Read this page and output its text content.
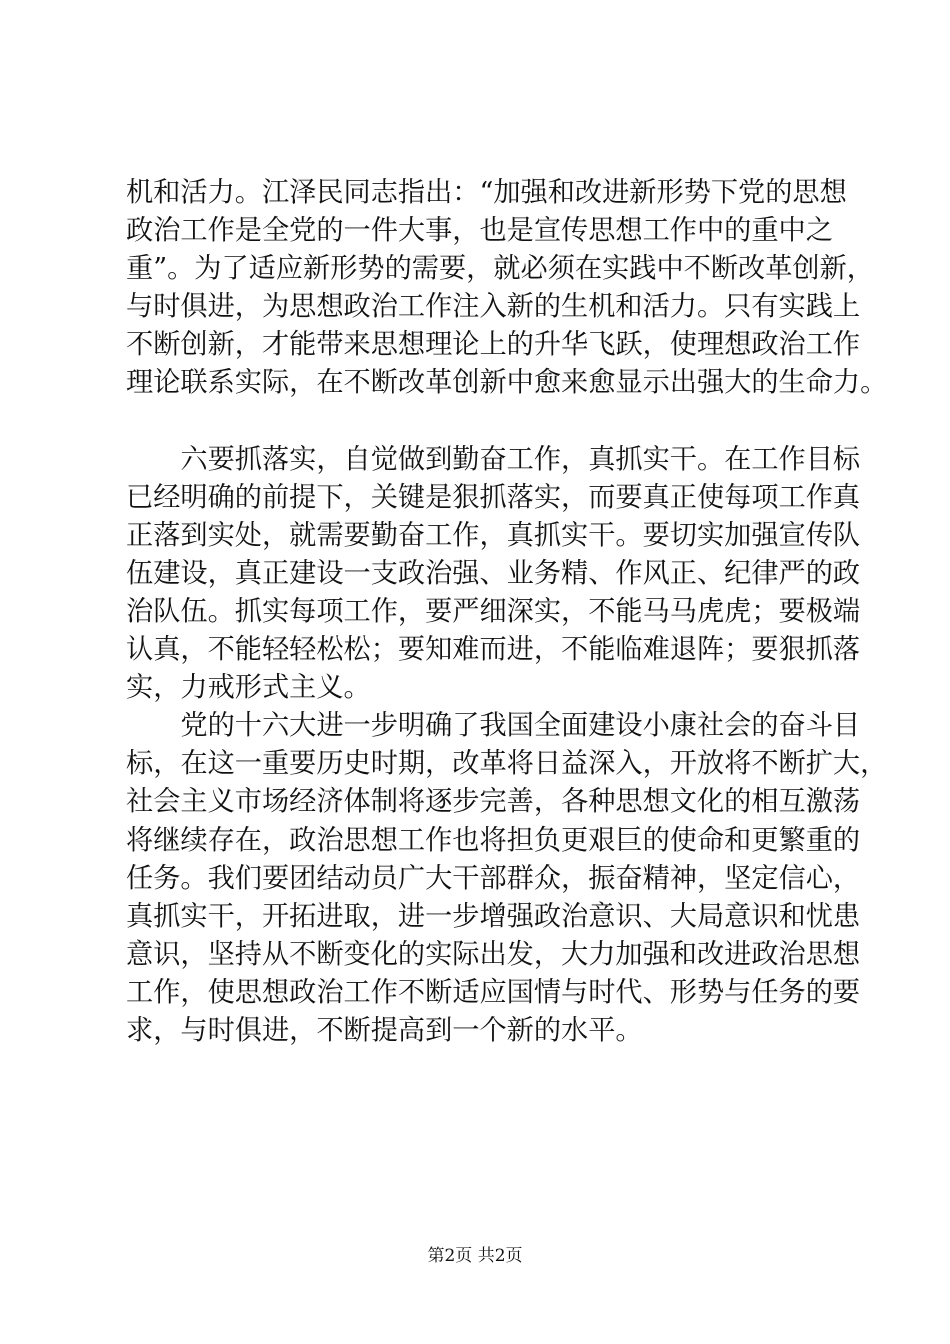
机和活力。江泽民同志指出：“加强和改进新形势下党的思想
政治工作是全党的一件大事，也是宣传思想工作中的重中之
重”。为了适应新形势的需要，就必须在实践中不断改革创新，
与时俱进，为思想政治工作注入新的生机和活力。只有实践上
不断创新，才能带来思想理论上的升华飞跃，使理想政治工作
理论联系实际，在不断改革创新中愈来愈显示出强大的生命力。
　　六要抓落实，自觉做到勤奋工作，真抓实干。在工作目标
已经明确的前提下，关键是狠抓落实，而要真正使每项工作真
正落到实处，就需要勤奋工作，真抓实干。要切实加强宣传队
伍建设，真正建设一支政治强、业务精、作风正、纪律严的政
治队伍。抓实每项工作，要严细深实，不能马马虎虎；要极端
认真，不能轻轻松松；要知难而进，不能临难退阵；要狠抓落
实，力戒形式主义。
　　党的十六大进一步明确了我国全面建设小康社会的奋斗目
标，在这一重要历史时期，改革将日益深入，开放将不断扩大，
社会主义市场经济体制将逐步完善，各种思想文化的相互激荡
将继续存在，政治思想工作也将担负更艰巨的使命和更繁重的
任务。我们要团结动员广大干部群众，振奋精神，坚定信心，
真抓实干，开拓进取，进一步增强政治意识、大局意识和忧患
意识，坚持从不断变化的实际出发，大力加强和改进政治思想
工作，使思想政治工作不断适应国情与时代、形势与任务的要
求，与时俱进，不断提高到一个新的水平。
第2页 共2页
